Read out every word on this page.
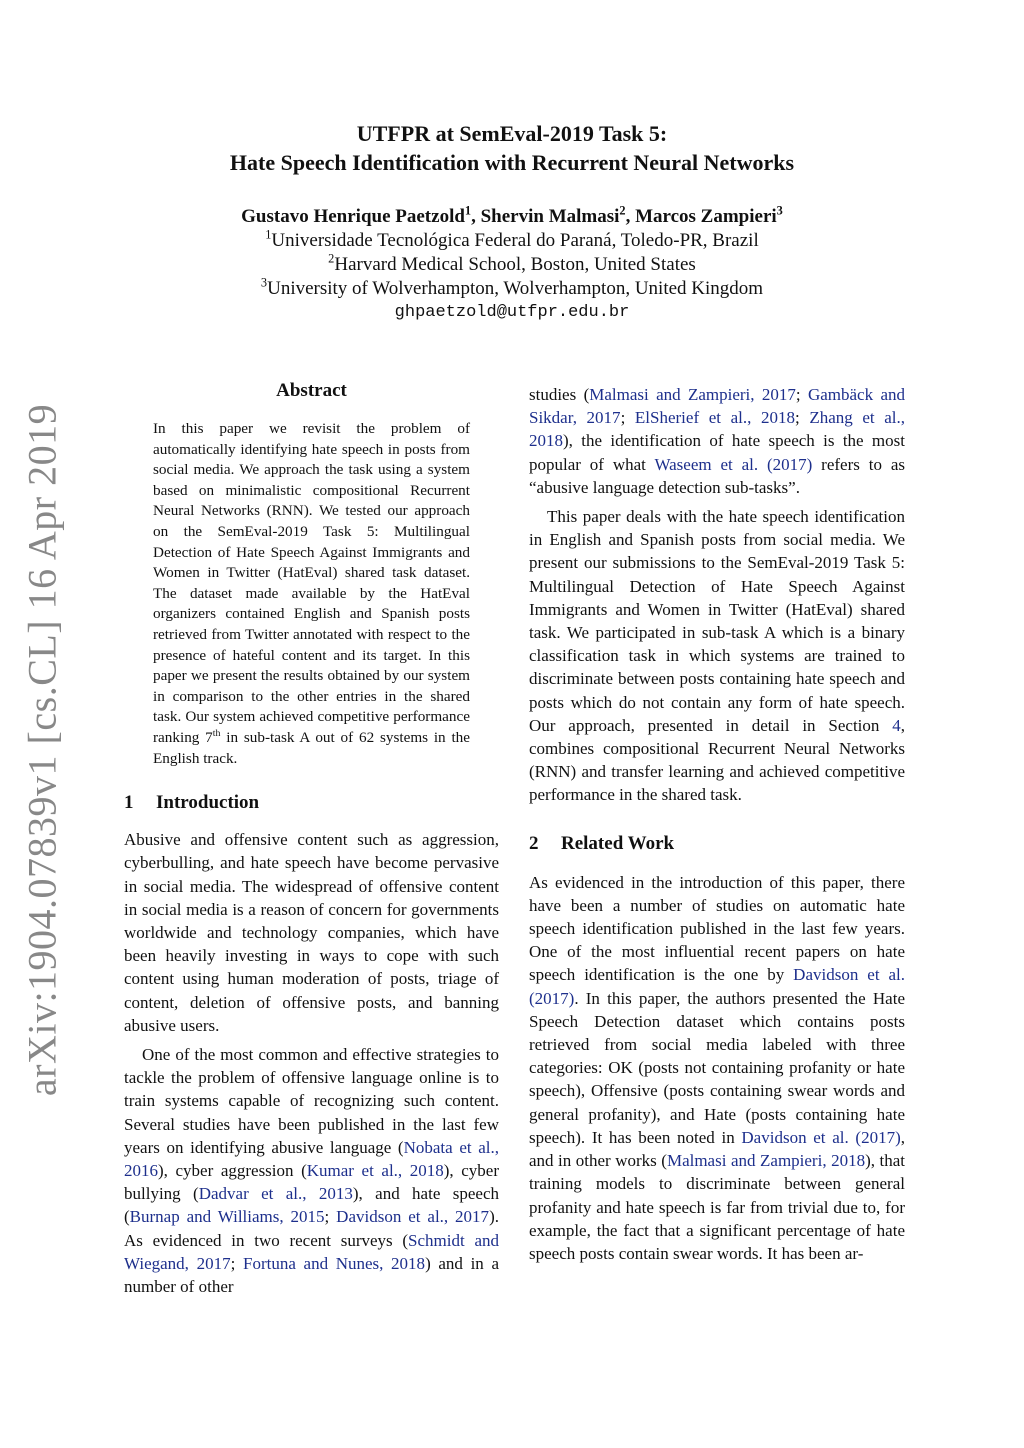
arXiv:1904.07839v1 [cs.CL] 16 Apr 2019
UTFPR at SemEval-2019 Task 5:
Hate Speech Identification with Recurrent Neural Networks
Gustavo Henrique Paetzold$^1$, Shervin Malmasi$^2$, Marcos Zampieri$^3$
$^1$Universidade Tecnológica Federal do Paraná, Toledo-PR, Brazil
$^2$Harvard Medical School, Boston, United States
$^3$University of Wolverhampton, Wolverhampton, United Kingdom
ghpaetzold@utfpr.edu.br
Abstract

In this paper we revisit the problem of automatically identifying hate speech in posts from social media. We approach the task using a system based on minimalistic compositional Recurrent Neural Networks (RNN). We tested our approach on the SemEval-2019 Task 5: Multilingual Detection of Hate Speech Against Immigrants and Women in Twitter (HatEval) shared task dataset. The dataset made available by the HatEval organizers contained English and Spanish posts retrieved from Twitter annotated with respect to the presence of hateful content and its target. In this paper we present the results obtained by our system in comparison to the other entries in the shared task. Our system achieved competitive performance ranking 7th in sub-task A out of 62 systems in the English track.

1 Introduction

Abusive and offensive content such as aggression, cyberbulling, and hate speech have become pervasive in social media. The widespread of offensive content in social media is a reason of concern for governments worldwide and technology companies, which have been heavily investing in ways to cope with such content using human moderation of posts, triage of content, deletion of offensive posts, and banning abusive users.

One of the most common and effective strategies to tackle the problem of offensive language online is to train systems capable of recognizing such content. Several studies have been published in the last few years on identifying abusive language (Nobata et al., 2016), cyber aggression (Kumar et al., 2018), cyber bullying (Dadvar et al., 2013), and hate speech (Burnap and Williams, 2015; Davidson et al., 2017). As evidenced in two recent surveys (Schmidt and Wiegand, 2017; Fortuna and Nunes, 2018) and in a number of other

studies (Malmasi and Zampieri, 2017; Gambäck and Sikdar, 2017; ElSherief et al., 2018; Zhang et al., 2018), the identification of hate speech is the most popular of what Waseem et al. (2017) refers to as “abusive language detection sub-tasks”.

This paper deals with the hate speech identification in English and Spanish posts from social media. We present our submissions to the SemEval-2019 Task 5: Multilingual Detection of Hate Speech Against Immigrants and Women in Twitter (HatEval) shared task. We participated in sub-task A which is a binary classification task in which systems are trained to discriminate between posts containing hate speech and posts which do not contain any form of hate speech. Our approach, presented in detail in Section 4, combines compositional Recurrent Neural Networks (RNN) and transfer learning and achieved competitive performance in the shared task.

2 Related Work

As evidenced in the introduction of this paper, there have been a number of studies on automatic hate speech identification published in the last few years. One of the most influential recent papers on hate speech identification is the one by Davidson et al. (2017). In this paper, the authors presented the Hate Speech Detection dataset which contains posts retrieved from social media labeled with three categories: OK (posts not containing profanity or hate speech), Offensive (posts containing swear words and general profanity), and Hate (posts containing hate speech). It has been noted in Davidson et al. (2017), and in other works (Malmasi and Zampieri, 2018), that training models to discriminate between general profanity and hate speech is far from trivial due to, for example, the fact that a significant percentage of hate speech posts contain swear words. It has been ar-
